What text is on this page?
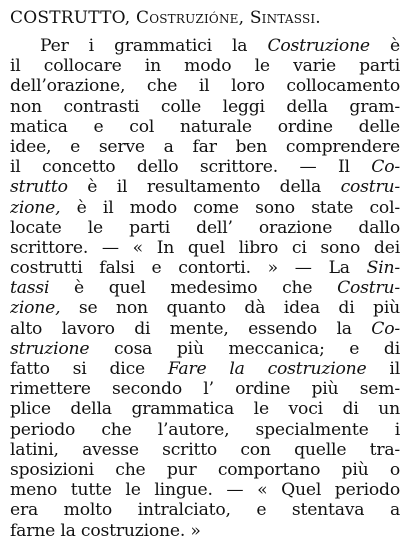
COSTRUTTO, Costruzióne, Sintassi.
Per i grammatici la Costruzione è
il collocare in modo le varie parti
dell’orazione, che il loro collocamento
non contrasti colle leggi della gram-
matica e col naturale ordine delle
idee, e serve a far ben comprendere
il concetto dello scrittore. — Il Co-
strutto è il resultamento della costru-
zione, è il modo come sono state col-
locate le parti dell’ orazione dallo
scrittore. — « In quel libro ci sono dei
costrutti falsi e contorti. » — La Sin-
tassi è quel medesimo che Costru-
zione, se non quanto dà idea di più
alto lavoro di mente, essendo la Co-
struzione cosa più meccanica; e di
fatto si dice Fare la costruzione il
rimettere secondo l’ ordine più sem-
plice della grammatica le voci di un
periodo che l’autore, specialmente i
latini, avesse scritto con quelle tra-
sposizioni che pur comportano più o
meno tutte le lingue. — « Quel periodo
era molto intralciato, e stentava a
farne la costruzione. »
